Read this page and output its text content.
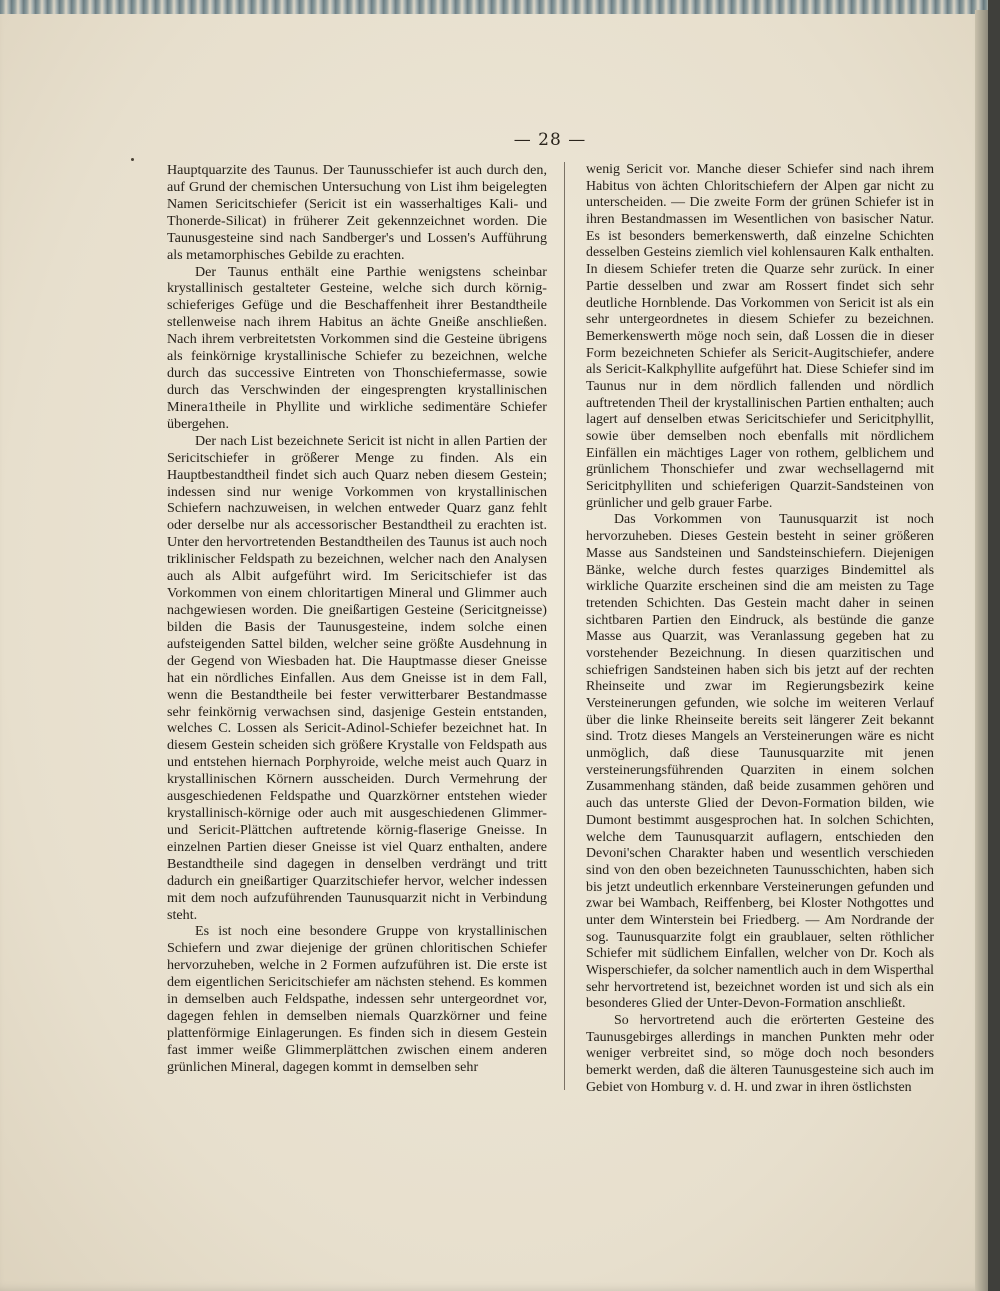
— 28 —

Hauptquarzite des Taunus. Der Taunusschiefer ist auch durch den, auf Grund der chemischen Untersuchung von List ihm beigelegten Namen Sericitschiefer (Sericit ist ein wasserhaltiges Kali- und Thonerde-Silicat) in früherer Zeit gekennzeichnet worden. Die Taunusgesteine sind nach Sandberger's und Lossen's Aufführung als metamorphisches Gebilde zu erachten.

Der Taunus enthält eine Parthie wenigstens scheinbar krystallinisch gestalteter Gesteine, welche sich durch körnig-schieferiges Gefüge und die Beschaffenheit ihrer Bestandtheile stellenweise nach ihrem Habitus an ächte Gneiße anschließen. Nach ihrem verbreitetsten Vorkommen sind die Gesteine übrigens als feinkörnige krystallinische Schiefer zu bezeichnen, welche durch das successive Eintreten von Thonschiefermasse, sowie durch das Verschwinden der eingesprengten krystallinischen Minera1theile in Phyllite und wirkliche sedimentäre Schiefer übergehen.

Der nach List bezeichnete Sericit ist nicht in allen Partien der Sericitschiefer in größerer Menge zu finden. Als ein Hauptbestandtheil findet sich auch Quarz neben diesem Gestein; indessen sind nur wenige Vorkommen von krystallinischen Schiefern nachzuweisen, in welchen entweder Quarz ganz fehlt oder derselbe nur als accessorischer Bestandtheil zu erachten ist. Unter den hervortretenden Bestandtheilen des Taunus ist auch noch triklinischer Feldspath zu bezeichnen, welcher nach den Analysen auch als Albit aufgeführt wird. Im Sericitschiefer ist das Vorkommen von einem chloritartigen Mineral und Glimmer auch nachgewiesen worden. Die gneißartigen Gesteine (Sericitgneisse) bilden die Basis der Taunusgesteine, indem solche einen aufsteigenden Sattel bilden, welcher seine größte Ausdehnung in der Gegend von Wiesbaden hat. Die Hauptmasse dieser Gneisse hat ein nördliches Einfallen. Aus dem Gneisse ist in dem Fall, wenn die Bestandtheile bei fester verwitterbarer Bestandmasse sehr feinkörnig verwachsen sind, dasjenige Gestein entstanden, welches C. Lossen als Sericit-Adinol-Schiefer bezeichnet hat. In diesem Gestein scheiden sich größere Krystalle von Feldspath aus und entstehen hiernach Porphyroide, welche meist auch Quarz in krystallinischen Körnern ausscheiden. Durch Vermehrung der ausgeschiedenen Feldspathe und Quarzkörner entstehen wieder krystallinisch-körnige oder auch mit ausgeschiedenen Glimmer- und Sericit-Plättchen auftretende körnig-flaserige Gneisse. In einzelnen Partien dieser Gneisse ist viel Quarz enthalten, andere Bestandtheile sind dagegen in denselben verdrängt und tritt dadurch ein gneißartiger Quarzitschiefer hervor, welcher indessen mit dem noch aufzuführenden Taunusquarzit nicht in Verbindung steht.

Es ist noch eine besondere Gruppe von krystallinischen Schiefern und zwar diejenige der grünen chloritischen Schiefer hervorzuheben, welche in 2 Formen aufzuführen ist. Die erste ist dem eigentlichen Sericitschiefer am nächsten stehend. Es kommen in demselben auch Feldspathe, indessen sehr untergeordnet vor, dagegen fehlen in demselben niemals Quarzkörner und feine plattenförmige Einlagerungen. Es finden sich in diesem Gestein fast immer weiße Glimmerplättchen zwischen einem anderen grünlichen Mineral, dagegen kommt in demselben sehr

wenig Sericit vor. Manche dieser Schiefer sind nach ihrem Habitus von ächten Chloritschiefern der Alpen gar nicht zu unterscheiden. — Die zweite Form der grünen Schiefer ist in ihren Bestandmassen im Wesentlichen von basischer Natur. Es ist besonders bemerkenswerth, daß einzelne Schichten desselben Gesteins ziemlich viel kohlensauren Kalk enthalten. In diesem Schiefer treten die Quarze sehr zurück. In einer Partie desselben und zwar am Rossert findet sich sehr deutliche Hornblende. Das Vorkommen von Sericit ist als ein sehr untergeordnetes in diesem Schiefer zu bezeichnen. Bemerkenswerth möge noch sein, daß Lossen die in dieser Form bezeichneten Schiefer als Sericit-Augitschiefer, andere als Sericit-Kalkphyllite aufgeführt hat. Diese Schiefer sind im Taunus nur in dem nördlich fallenden und nördlich auftretenden Theil der krystallinischen Partien enthalten; auch lagert auf denselben etwas Sericitschiefer und Sericitphyllit, sowie über demselben noch ebenfalls mit nördlichem Einfällen ein mächtiges Lager von rothem, gelblichem und grünlichem Thonschiefer und zwar wechsellagernd mit Sericitphylliten und schieferigen Quarzit-Sandsteinen von grünlicher und gelb grauer Farbe.

Das Vorkommen von Taunusquarzit ist noch hervorzuheben. Dieses Gestein besteht in seiner größeren Masse aus Sandsteinen und Sandsteinschiefern. Diejenigen Bänke, welche durch festes quarziges Bindemittel als wirkliche Quarzite erscheinen sind die am meisten zu Tage tretenden Schichten. Das Gestein macht daher in seinen sichtbaren Partien den Eindruck, als bestünde die ganze Masse aus Quarzit, was Veranlassung gegeben hat zu vorstehender Bezeichnung. In diesen quarzitischen und schiefrigen Sandsteinen haben sich bis jetzt auf der rechten Rheinseite und zwar im Regierungsbezirk keine Versteinerungen gefunden, wie solche im weiteren Verlauf über die linke Rheinseite bereits seit längerer Zeit bekannt sind. Trotz dieses Mangels an Versteinerungen wäre es nicht unmöglich, daß diese Taunusquarzite mit jenen versteinerungsführenden Quarziten in einem solchen Zusammenhang ständen, daß beide zusammen gehören und auch das unterste Glied der Devon-Formation bilden, wie Dumont bestimmt ausgesprochen hat. In solchen Schichten, welche dem Taunusquarzit auflagern, entschieden den Devoni'schen Charakter haben und wesentlich verschieden sind von den oben bezeichneten Taunusschichten, haben sich bis jetzt undeutlich erkennbare Versteinerungen gefunden und zwar bei Wambach, Reiffenberg, bei Kloster Nothgottes und unter dem Winterstein bei Friedberg. — Am Nordrande der sog. Taunusquarzite folgt ein graublauer, selten röthlicher Schiefer mit südlichem Einfallen, welcher von Dr. Koch als Wisperschiefer, da solcher namentlich auch in dem Wisperthal sehr hervortretend ist, bezeichnet worden ist und sich als ein besonderes Glied der Unter-Devon-Formation anschließt.

So hervortretend auch die erörterten Gesteine des Taunusgebirges allerdings in manchen Punkten mehr oder weniger verbreitet sind, so möge doch noch besonders bemerkt werden, daß die älteren Taunusgesteine sich auch im Gebiet von Homburg v. d. H. und zwar in ihren östlichsten
